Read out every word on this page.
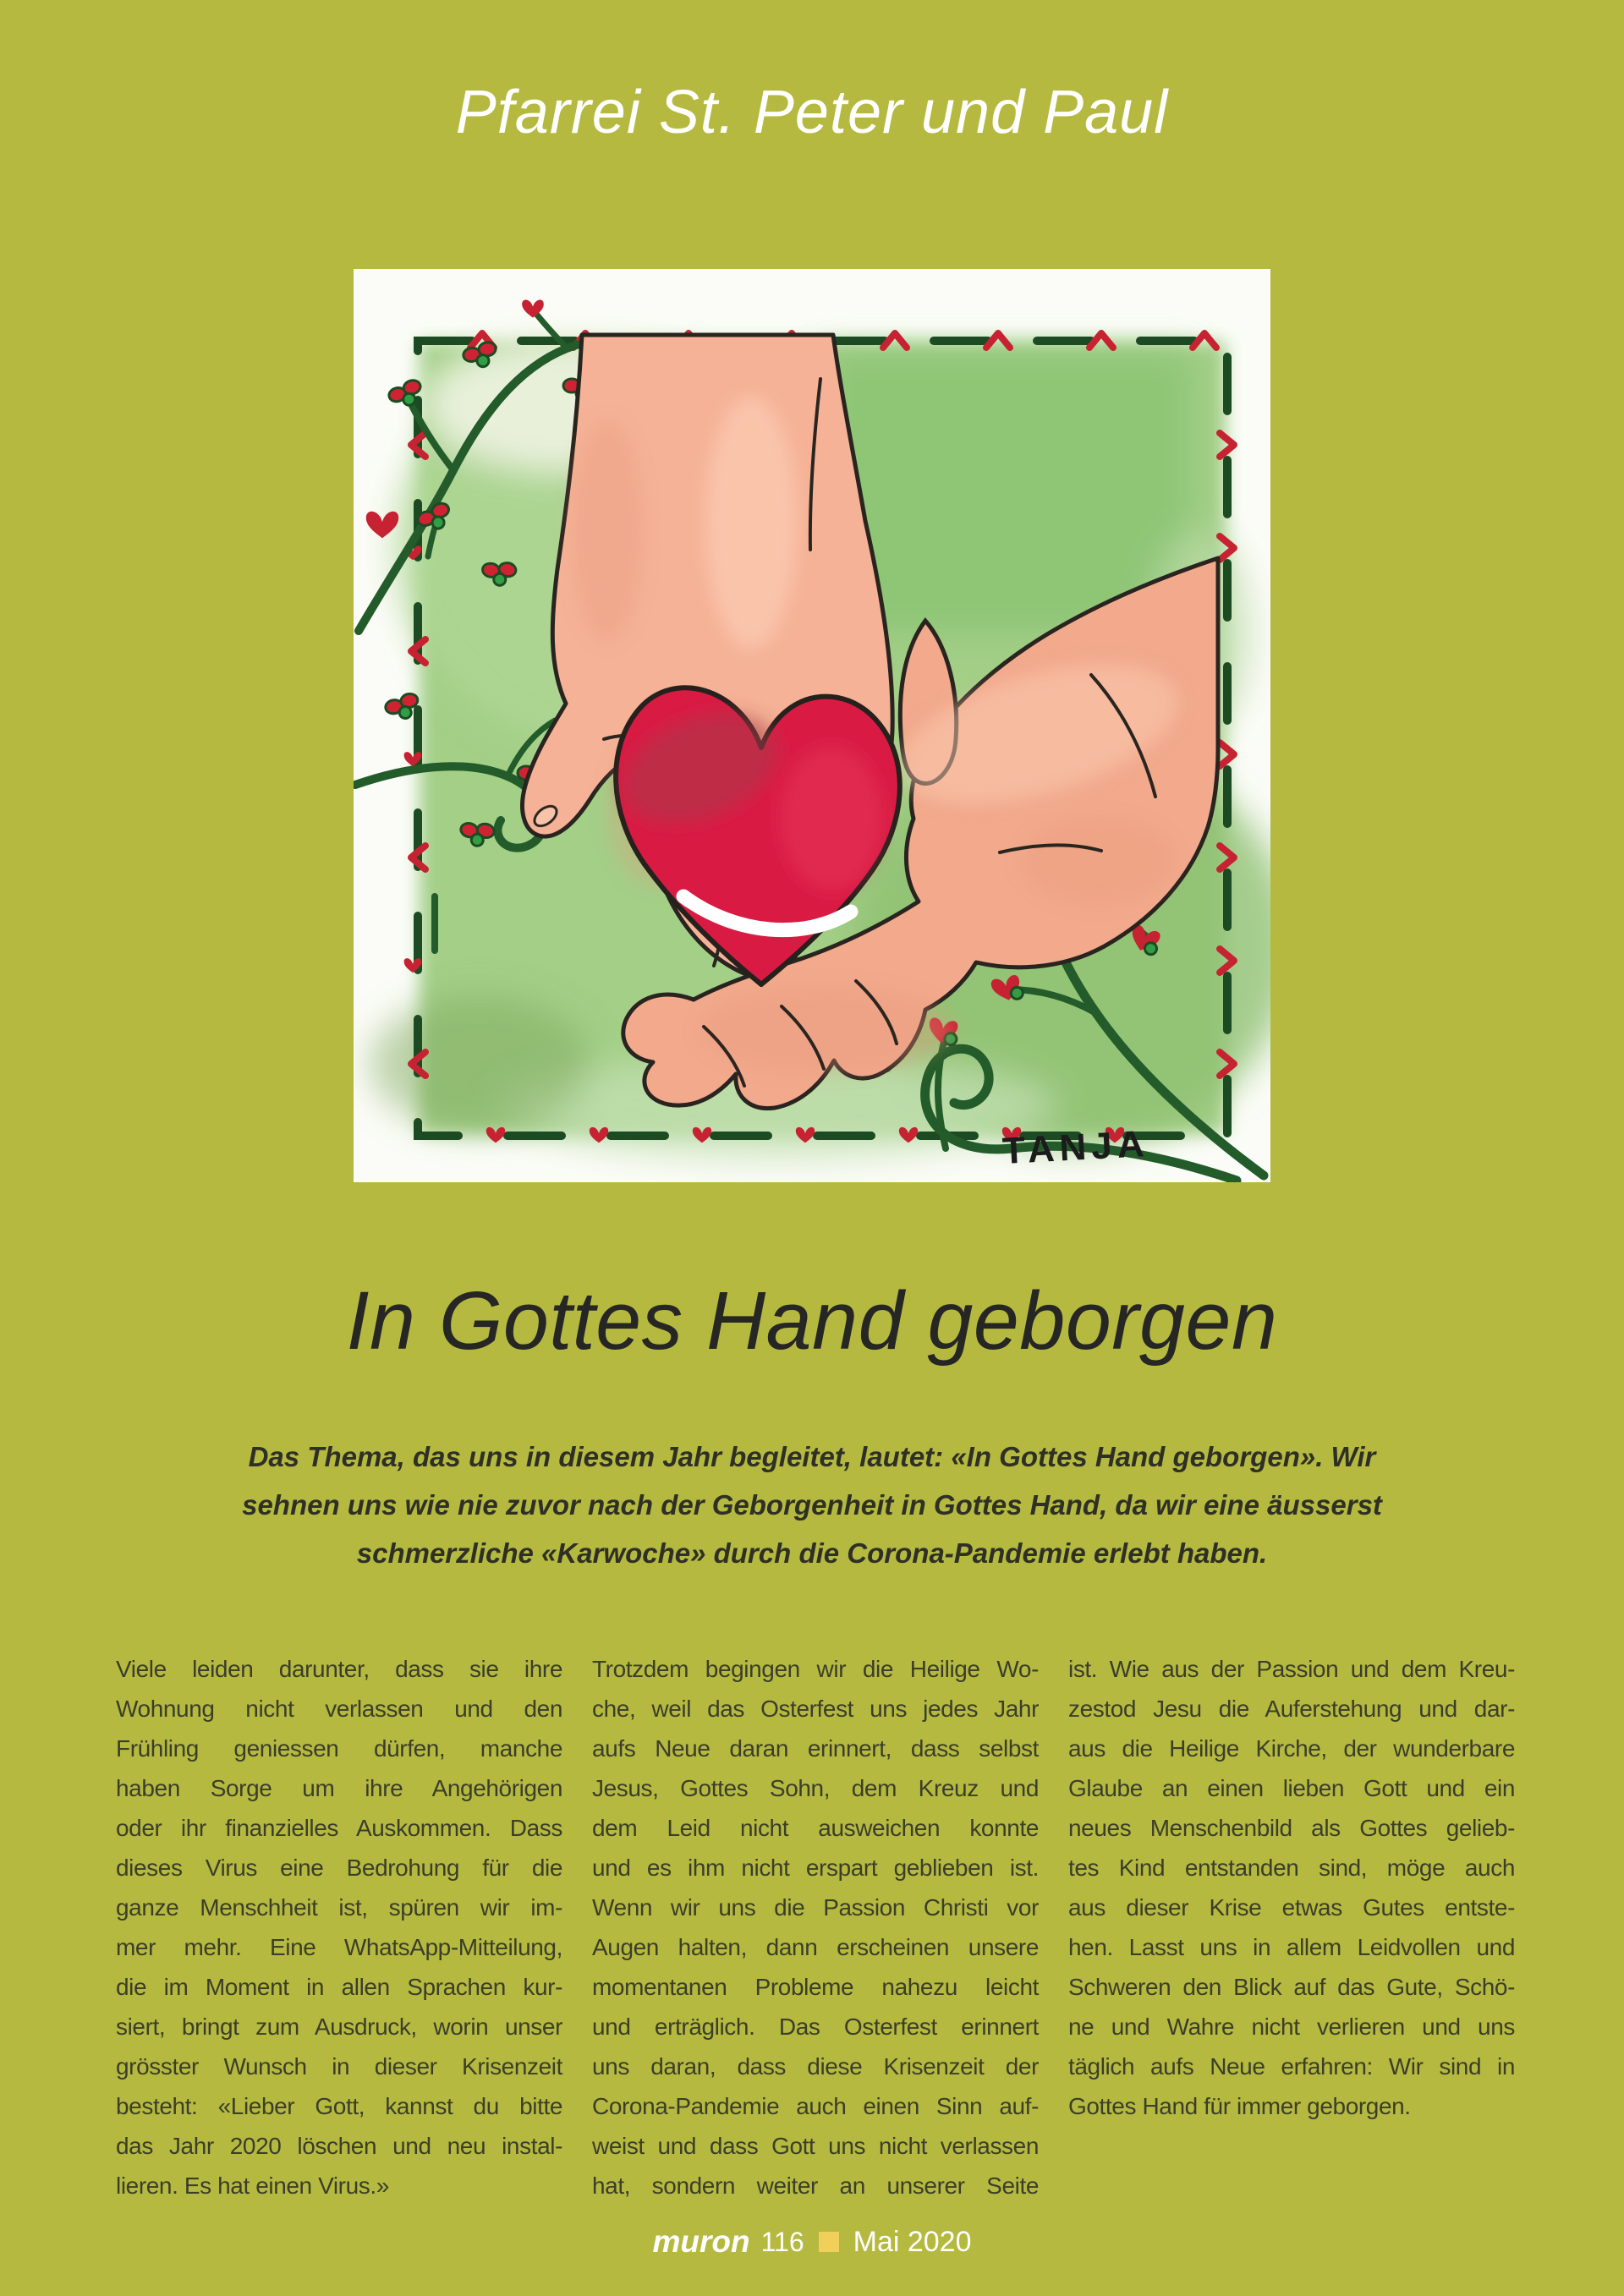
Pfarrei St. Peter und Paul
TANJA
In Gottes Hand geborgen
Das Thema, das uns in diesem Jahr begleitet, lautet: «In Gottes Hand geborgen». Wir
sehnen uns wie nie zuvor nach der Geborgenheit in Gottes Hand, da wir eine äusserst
schmerzliche «Karwoche» durch die Corona-Pandemie erlebt haben.
Viele leiden darunter, dass sie ihre
Wohnung nicht verlassen und den
Frühling geniessen dürfen, manche
haben Sorge um ihre Angehörigen
oder ihr finanzielles Auskommen. Dass
dieses Virus eine Bedrohung für die
ganze Menschheit ist, spüren wir im-
mer mehr. Eine WhatsApp-Mitteilung,
die im Moment in allen Sprachen kur-
siert, bringt zum Ausdruck, worin unser
grösster Wunsch in dieser Krisenzeit
besteht: «Lieber Gott, kannst du bitte
das Jahr 2020 löschen und neu instal-
lieren. Es hat einen Virus.»
Trotzdem begingen wir die Heilige Wo-
che, weil das Osterfest uns jedes Jahr
aufs Neue daran erinnert, dass selbst
Jesus, Gottes Sohn, dem Kreuz und
dem Leid nicht ausweichen konnte
und es ihm nicht erspart geblieben ist.
Wenn wir uns die Passion Christi vor
Augen halten, dann erscheinen unsere
momentanen Probleme nahezu leicht
und erträglich. Das Osterfest erinnert
uns daran, dass diese Krisenzeit der
Corona-Pandemie auch einen Sinn auf-
weist und dass Gott uns nicht verlassen
hat, sondern weiter an unserer Seite
ist. Wie aus der Passion und dem Kreu-
zestod Jesu die Auferstehung und dar-
aus die Heilige Kirche, der wunderbare
Glaube an einen lieben Gott und ein
neues Menschenbild als Gottes gelieb-
tes Kind entstanden sind, möge auch
aus dieser Krise etwas Gutes entste-
hen. Lasst uns in allem Leidvollen und
Schweren den Blick auf das Gute, Schö-
ne und Wahre nicht verlieren und uns
täglich aufs Neue erfahren: Wir sind in
Gottes Hand für immer geborgen.
muron 116 Mai 2020
